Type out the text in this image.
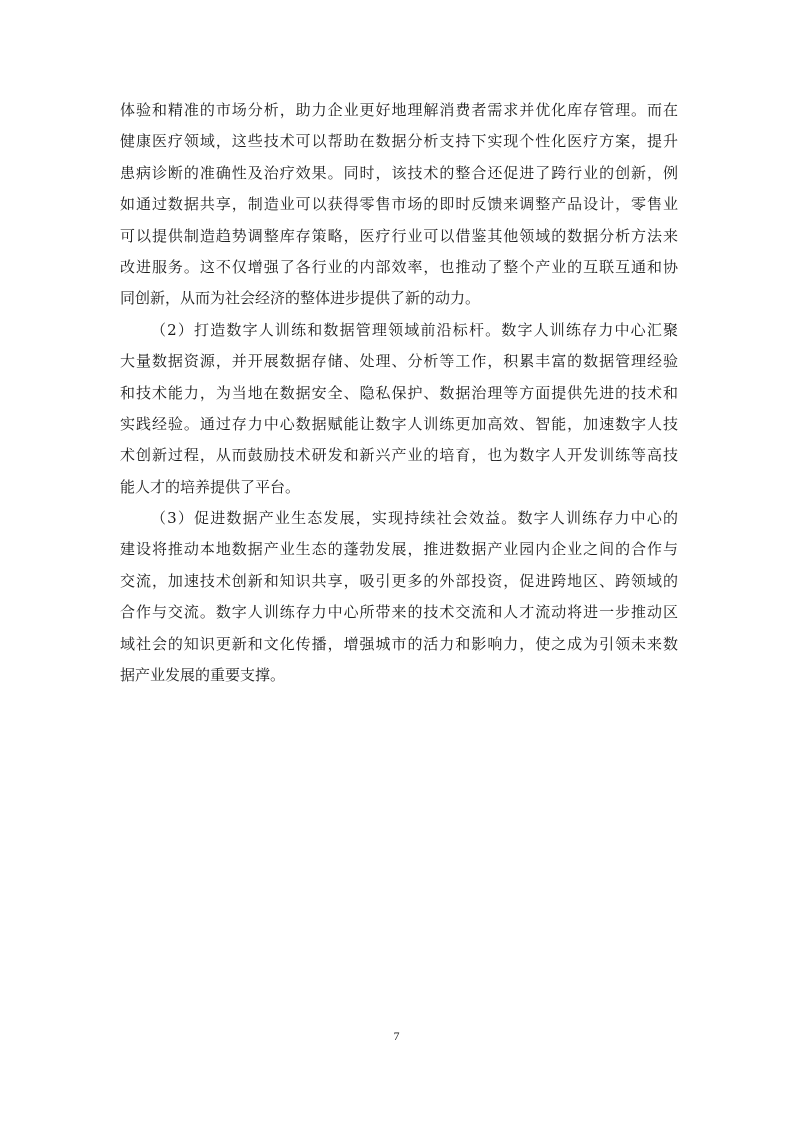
体验和精准的市场分析，助力企业更好地理解消费者需求并优化库存管理。而在
健康医疗领域，这些技术可以帮助在数据分析支持下实现个性化医疗方案，提升
患病诊断的准确性及治疗效果。同时，该技术的整合还促进了跨行业的创新，例
如通过数据共享，制造业可以获得零售市场的即时反馈来调整产品设计，零售业
可以提供制造趋势调整库存策略，医疗行业可以借鉴其他领域的数据分析方法来
改进服务。这不仅增强了各行业的内部效率，也推动了整个产业的互联互通和协
同创新，从而为社会经济的整体进步提供了新的动力。
（2）打造数字人训练和数据管理领域前沿标杆。数字人训练存力中心汇聚
大量数据资源，并开展数据存储、处理、分析等工作，积累丰富的数据管理经验
和技术能力，为当地在数据安全、隐私保护、数据治理等方面提供先进的技术和
实践经验。通过存力中心数据赋能让数字人训练更加高效、智能，加速数字人技
术创新过程，从而鼓励技术研发和新兴产业的培育，也为数字人开发训练等高技
能人才的培养提供了平台。
（3）促进数据产业生态发展，实现持续社会效益。数字人训练存力中心的
建设将推动本地数据产业生态的蓬勃发展，推进数据产业园内企业之间的合作与
交流，加速技术创新和知识共享，吸引更多的外部投资，促进跨地区、跨领域的
合作与交流。数字人训练存力中心所带来的技术交流和人才流动将进一步推动区
域社会的知识更新和文化传播，增强城市的活力和影响力，使之成为引领未来数
据产业发展的重要支撑。
7
